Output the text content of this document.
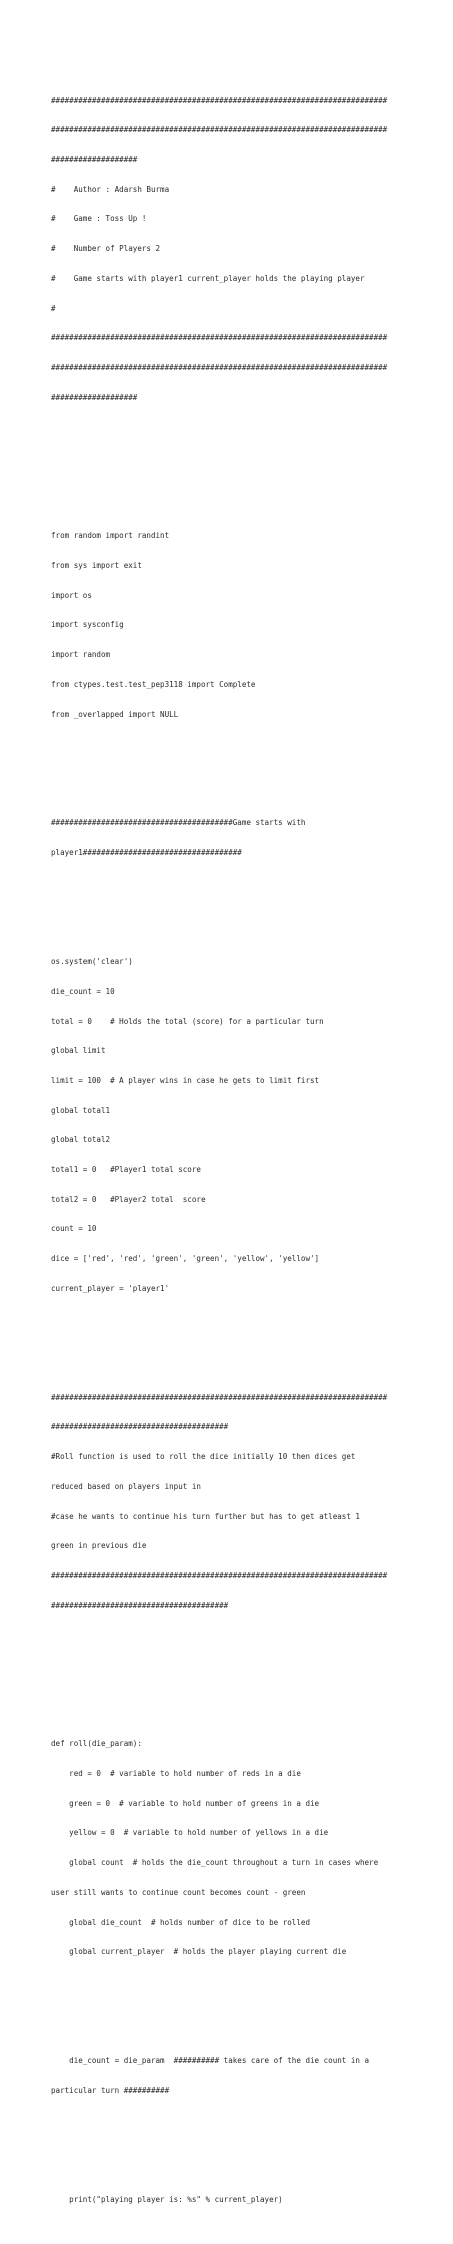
##########################################################################

##########################################################################

###################

#    Author : Adarsh Burma

#    Game : Toss Up !

#    Number of Players 2

#    Game starts with player1 current_player holds the playing player

#

##########################################################################

##########################################################################

###################

from random import randint

from sys import exit

import os

import sysconfig

import random

from ctypes.test.test_pep3118 import Complete

from _overlapped import NULL

########################################Game starts with

player1###################################

os.system('clear')

die_count = 10

total = 0    # Holds the total (score) for a particular turn

global limit

limit = 100  # A player wins in case he gets to limit first

global total1

global total2

total1 = 0   #Player1 total score

total2 = 0   #Player2 total  score

count = 10

dice = ['red', 'red', 'green', 'green', 'yellow', 'yellow']

current_player = 'player1'

##########################################################################

#######################################

#Roll function is used to roll the dice initially 10 then dices get

reduced based on players input in

#case he wants to continue his turn further but has to get atleast 1

green in previous die

##########################################################################

#######################################

def roll(die_param):

red = 0  # variable to hold number of reds in a die

green = 0  # variable to hold number of greens in a die

yellow = 0  # variable to hold number of yellows in a die

global count  # holds the die_count throughout a turn in cases where

user still wants to continue count becomes count - green

global die_count  # holds number of dice to be rolled

global current_player  # holds the player playing current die

die_count = die_param  ########## takes care of the die count in a

particular turn ##########

print("playing player is: %s" % current_player)
